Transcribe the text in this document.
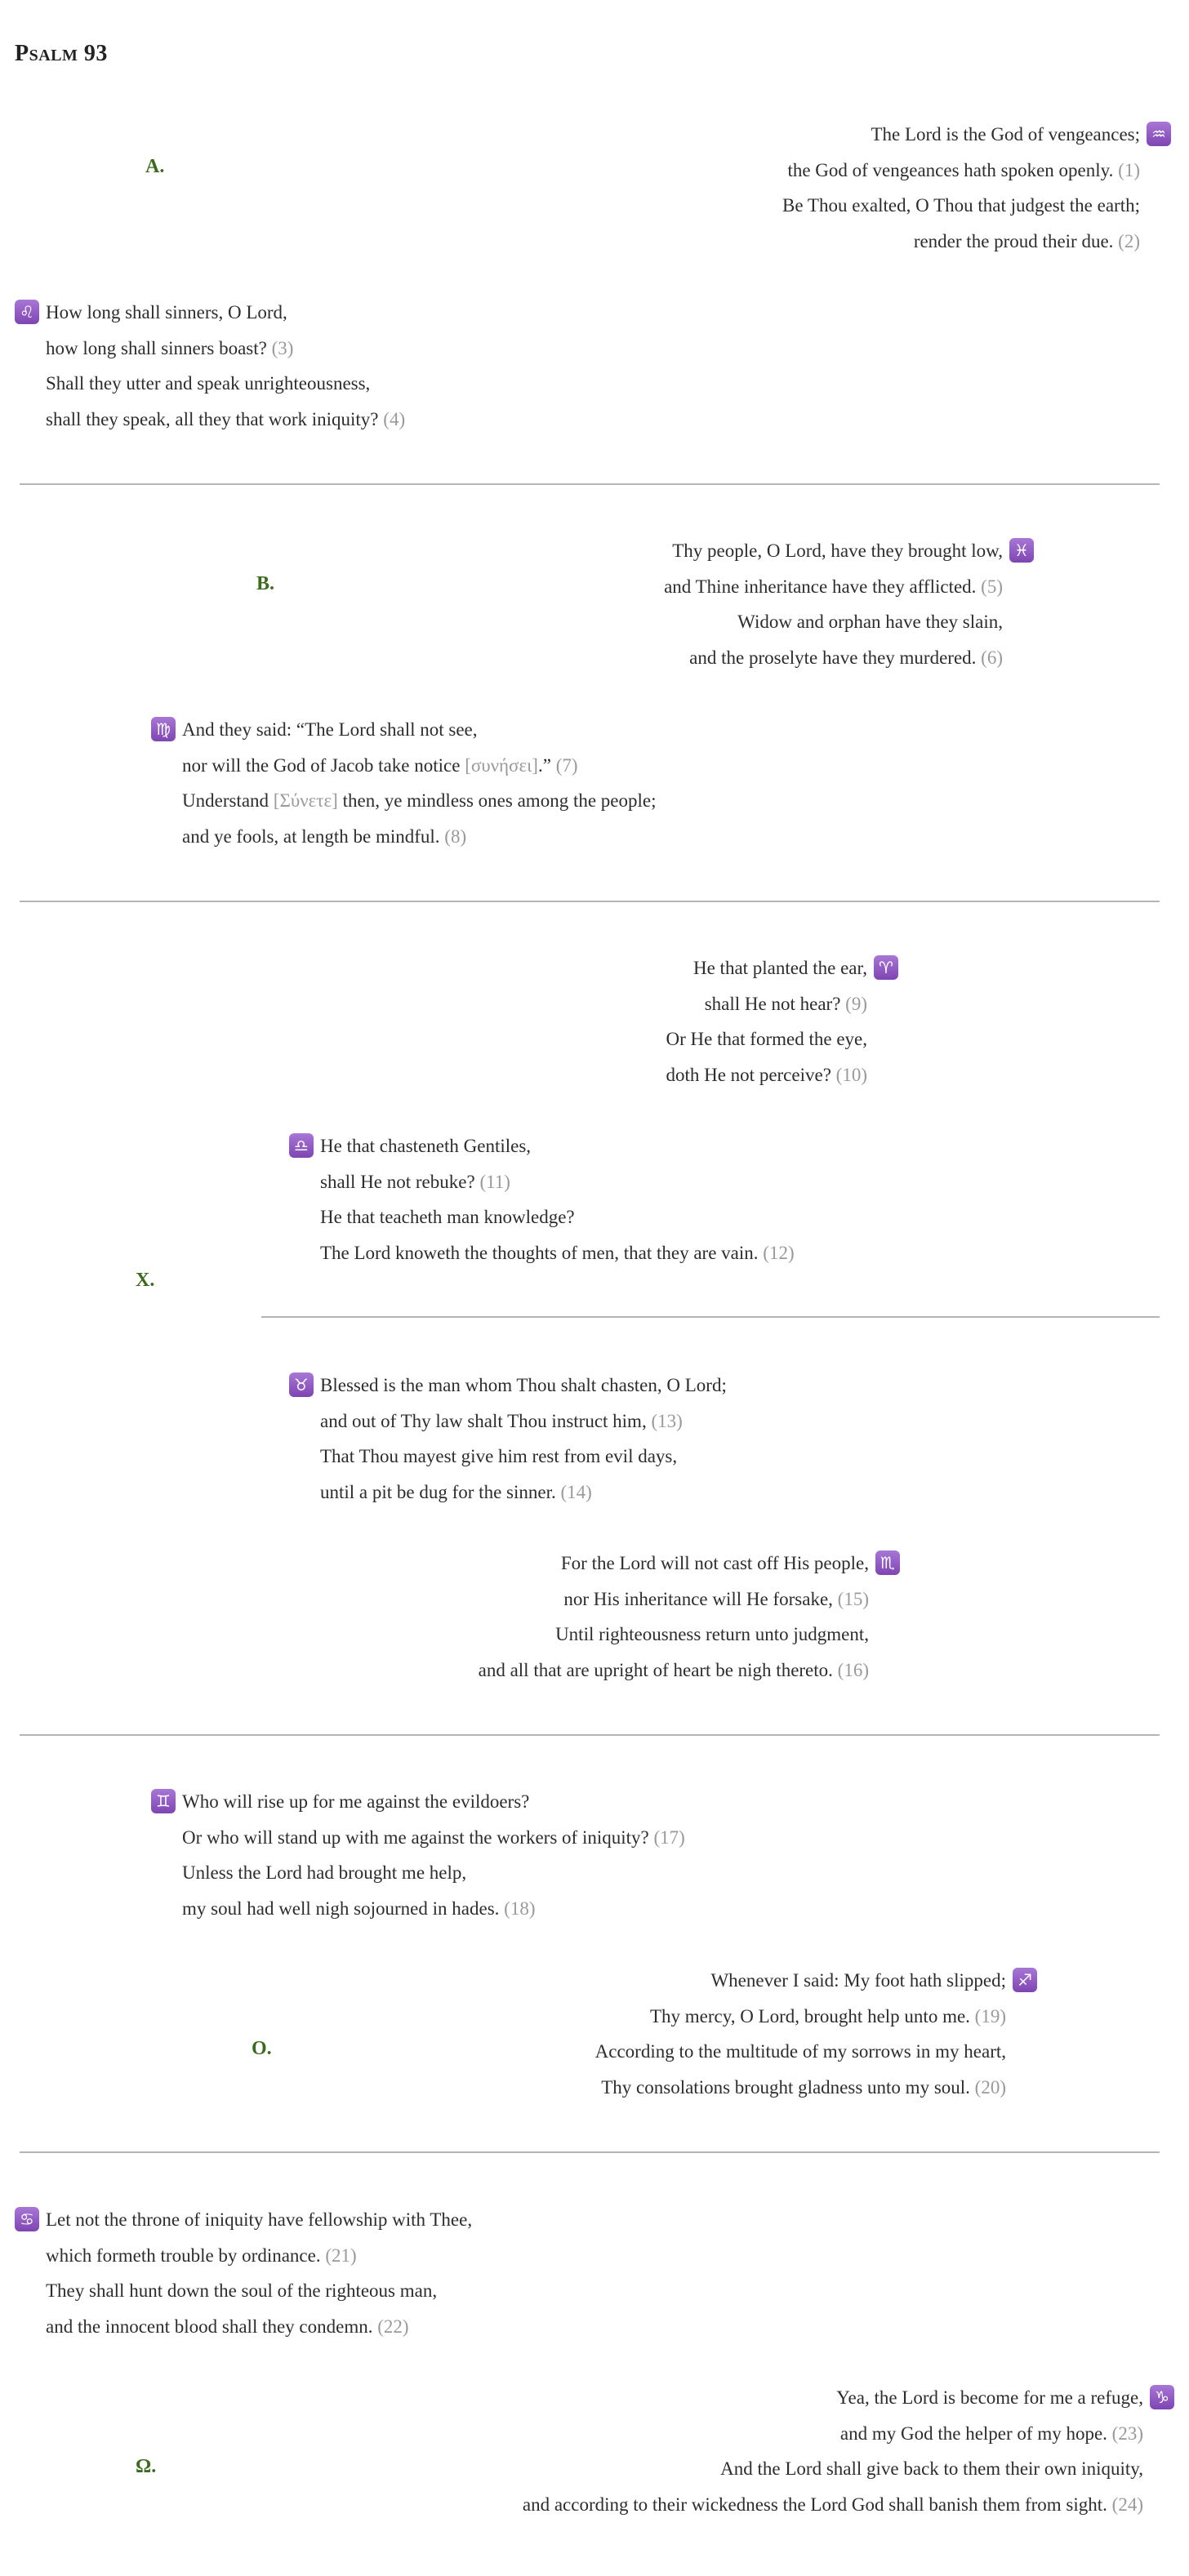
Psalm 93
A.
B.
X.
O.
Ω.
The Lord is the God of vengeances; ♒
the God of vengeances hath spoken openly. (1)
Be Thou exalted, O Thou that judgest the earth;
render the proud their due. (2)
♌ How long shall sinners, O Lord,
how long shall sinners boast? (3)
Shall they utter and speak unrighteousness,
shall they speak, all they that work iniquity? (4)
Thy people, O Lord, have they brought low, ♓
and Thine inheritance have they afflicted. (5)
Widow and orphan have they slain,
and the proselyte have they murdered. (6)
♍ And they said: “The Lord shall not see,
nor will the God of Jacob take notice [συνήσει].” (7)
Understand [Σύνετε] then, ye mindless ones among the people;
and ye fools, at length be mindful. (8)
He that planted the ear, ♈
shall He not hear? (9)
Or He that formed the eye,
doth He not perceive? (10)
♎ He that chasteneth Gentiles,
shall He not rebuke? (11)
He that teacheth man knowledge?
The Lord knoweth the thoughts of men, that they are vain. (12)
♉ Blessed is the man whom Thou shalt chasten, O Lord;
and out of Thy law shalt Thou instruct him, (13)
That Thou mayest give him rest from evil days,
until a pit be dug for the sinner. (14)
For the Lord will not cast off His people, ♏
nor His inheritance will He forsake, (15)
Until righteousness return unto judgment,
and all that are upright of heart be nigh thereto. (16)
♊ Who will rise up for me against the evildoers?
Or who will stand up with me against the workers of iniquity? (17)
Unless the Lord had brought me help,
my soul had well nigh sojourned in hades. (18)
Whenever I said: My foot hath slipped; ♐
Thy mercy, O Lord, brought help unto me. (19)
According to the multitude of my sorrows in my heart,
Thy consolations brought gladness unto my soul. (20)
♋ Let not the throne of iniquity have fellowship with Thee,
which formeth trouble by ordinance. (21)
They shall hunt down the soul of the righteous man,
and the innocent blood shall they condemn. (22)
Yea, the Lord is become for me a refuge, ♑
and my God the helper of my hope. (23)
And the Lord shall give back to them their own iniquity,
and according to their wickedness the Lord God shall banish them from sight. (24)
